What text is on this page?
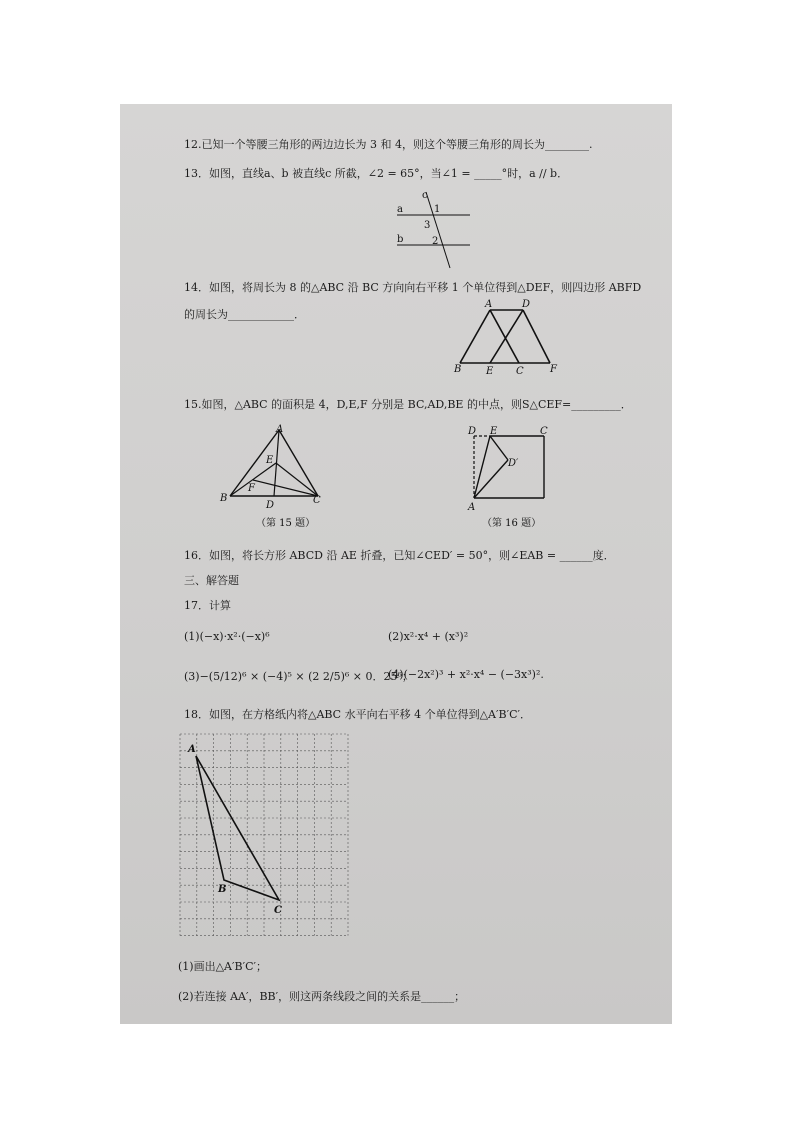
12.已知一个等腰三角形的两边边长为 3 和 4，则这个等腰三角形的周长为________.
13．如图，直线a、b 被直线c 所截，∠2 = 65°，当∠1 = _____°时，a // b．
c
a
b
1
3
2
14．如图，将周长为 8 的△ABC 沿 BC 方向向右平移 1 个单位得到△DEF，则四边形 ABFD
的周长为____________．
A	D
B E C	F
15.如图，△ABC 的面积是 4，D,E,F 分别是 BC,AD,BE 的中点，则S△CEF=_________．
A
E
F
B
D	C
（第 15 题）
D E	C
D′
A
（第 16 题）
16．如图，将长方形 ABCD 沿 AE 折叠，已知∠CED′ = 50°，则∠EAB = ______度．
三、解答题
17．计算
(1)(−x)·x²·(−x)⁶	(2)x²·x⁴ + (x³)²
(3)−(5/12)⁶ × (−4)⁵ × (2 2/5)⁶ × 0．25⁶；
(4)(−2x²)³ + x²·x⁴ − (−3x³)².
18．如图，在方格纸内将△ABC 水平向右平移 4 个单位得到△A′B′C′．
A
B
C
(1)画出△A′B′C′；
(2)若连接 AA′，BB′，则这两条线段之间的关系是______；
